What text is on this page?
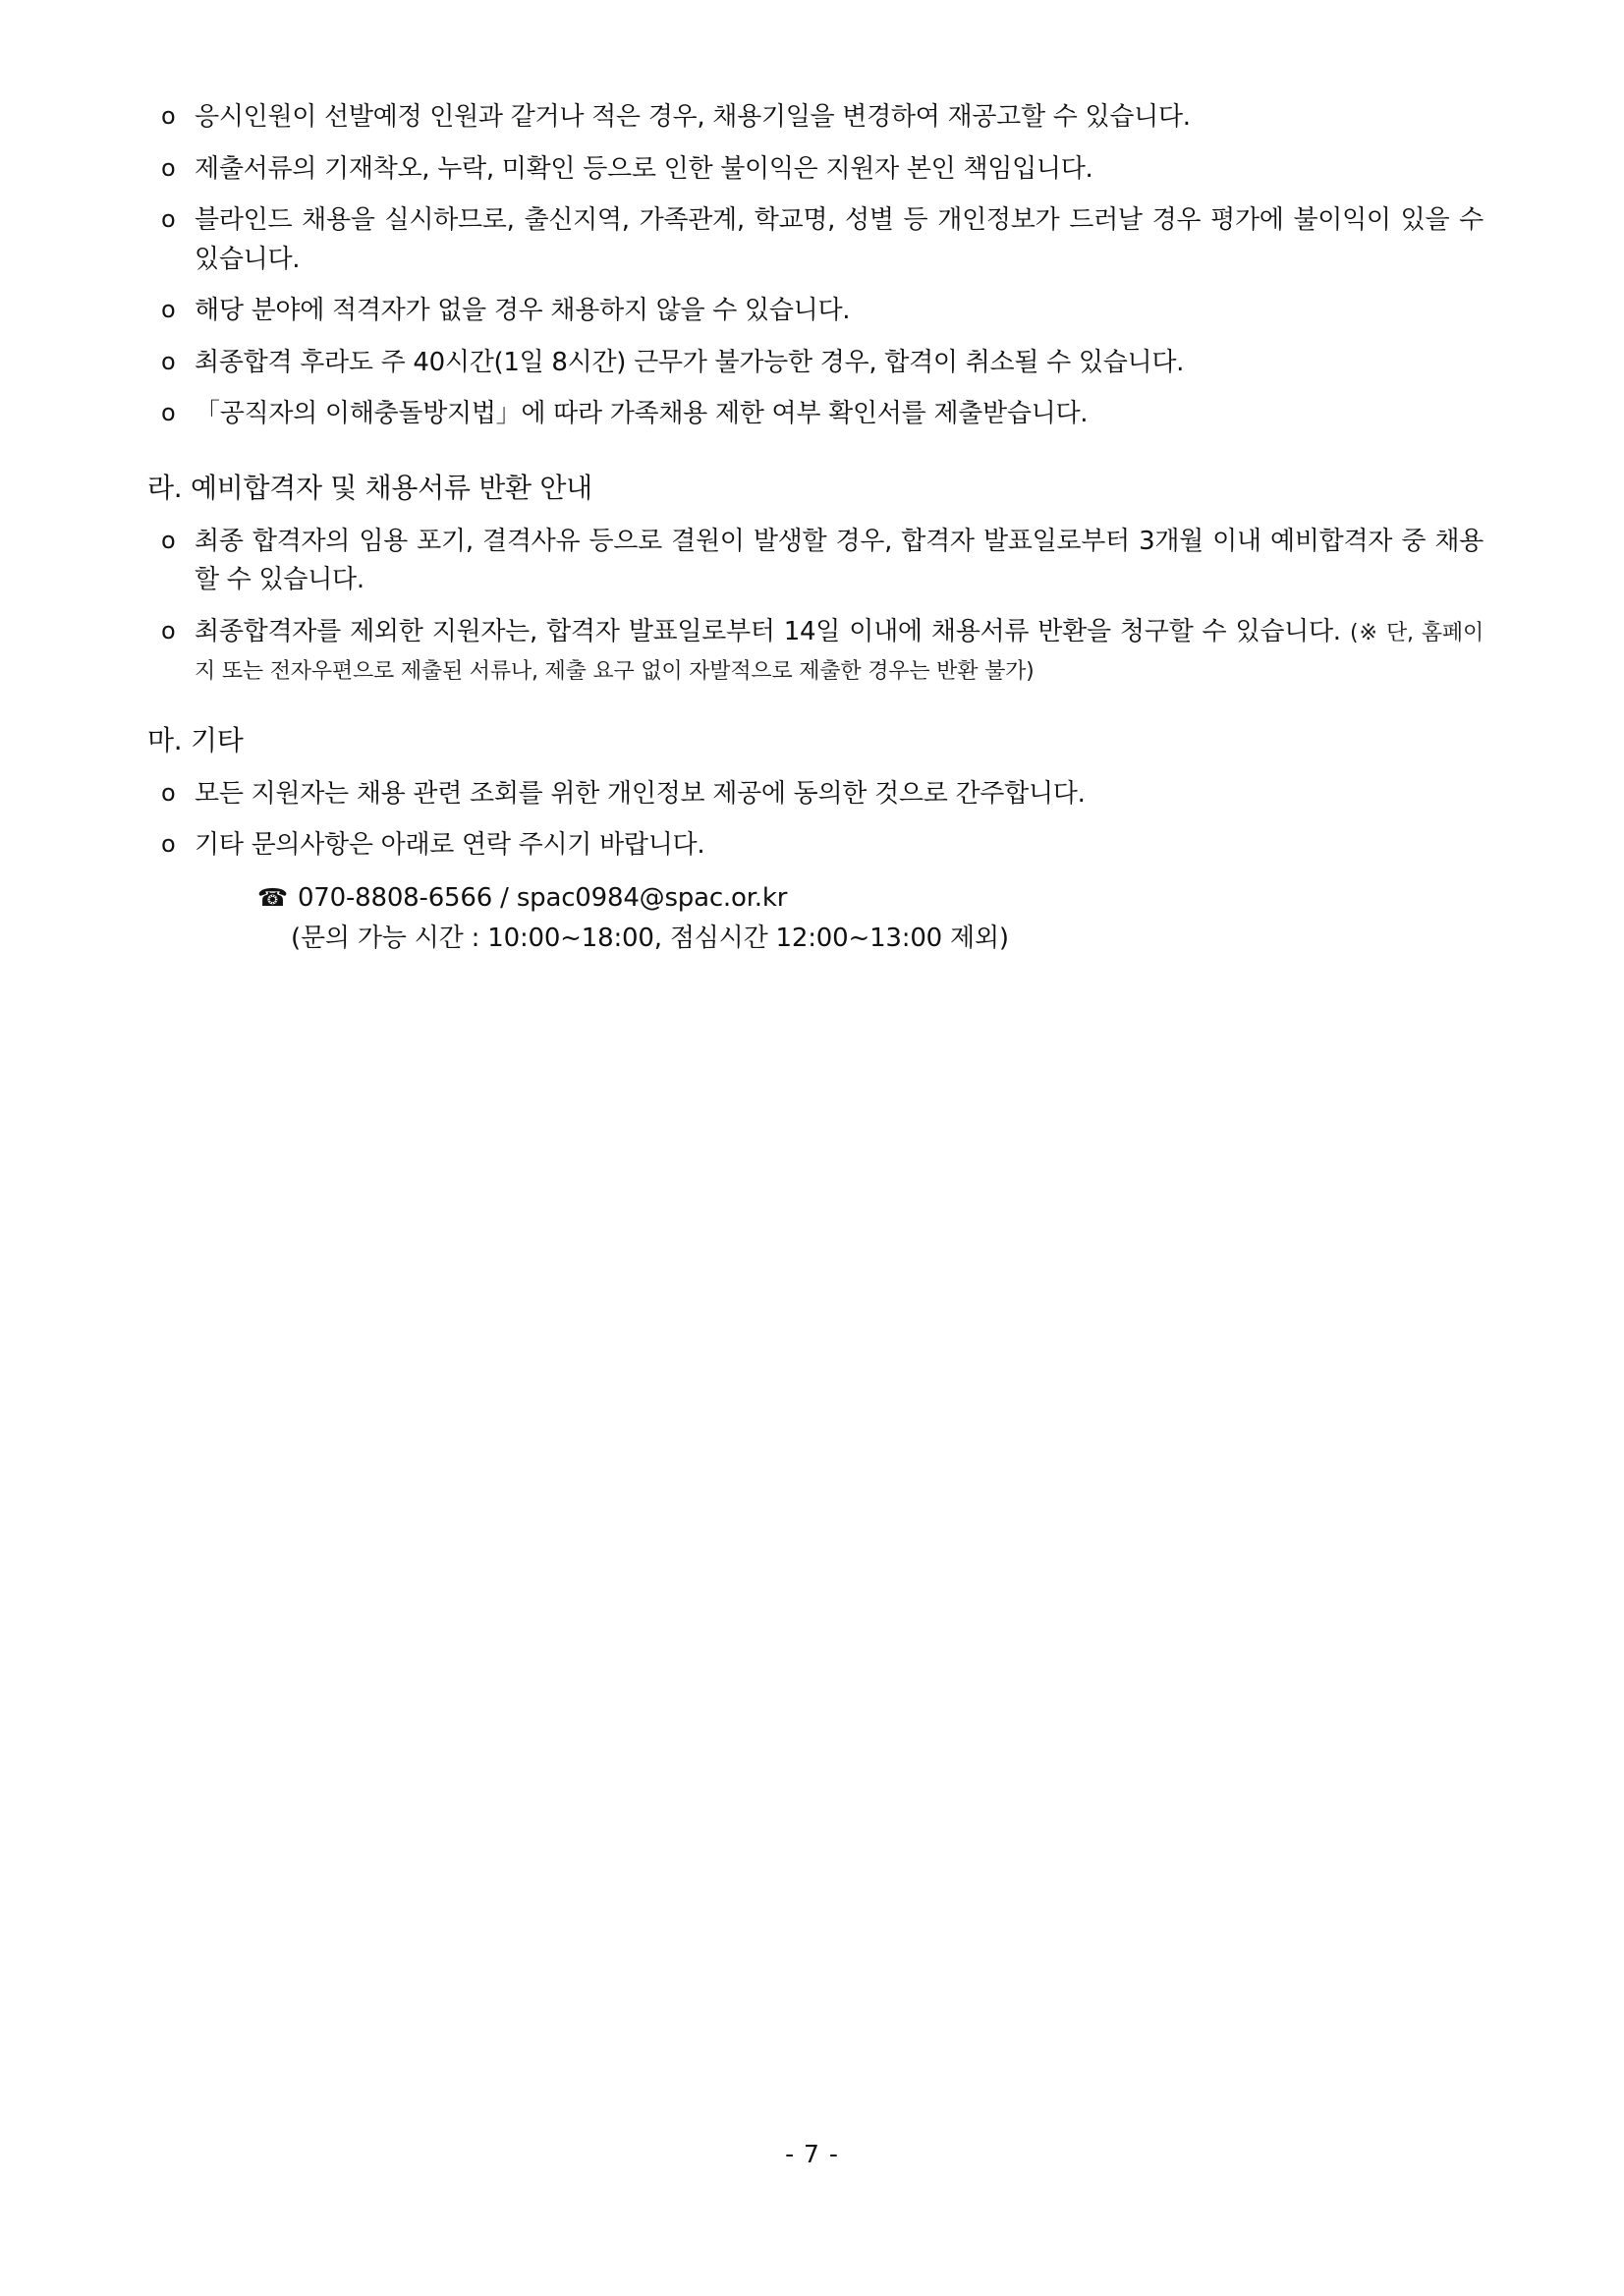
o 응시인원이 선발예정 인원과 같거나 적은 경우, 채용기일을 변경하여 재공고할 수 있습니다.
o 제출서류의 기재착오, 누락, 미확인 등으로 인한 불이익은 지원자 본인 책임입니다.
o 블라인드 채용을 실시하므로, 출신지역, 가족관계, 학교명, 성별 등 개인정보가 드러날 경우 평가에 불이익이 있을 수 있습니다.
o 해당 분야에 적격자가 없을 경우 채용하지 않을 수 있습니다.
o 최종합격 후라도 주 40시간(1일 8시간) 근무가 불가능한 경우, 합격이 취소될 수 있습니다.
o 「공직자의 이해충돌방지법」에 따라 가족채용 제한 여부 확인서를 제출받습니다.
라. 예비합격자 및 채용서류 반환 안내
o 최종 합격자의 임용 포기, 결격사유 등으로 결원이 발생할 경우, 합격자 발표일로부터 3개월 이내 예비합격자 중 채용할 수 있습니다.
o 최종합격자를 제외한 지원자는, 합격자 발표일로부터 14일 이내에 채용서류 반환을 청구할 수 있습니다. (※ 단, 홈페이지 또는 전자우편으로 제출된 서류나, 제출 요구 없이 자발적으로 제출한 경우는 반환 불가)
마. 기타
o 모든 지원자는 채용 관련 조회를 위한 개인정보 제공에 동의한 것으로 간주합니다.
o 기타 문의사항은 아래로 연락 주시기 바랍니다.
☎ 070-8808-6566 / spac0984@spac.or.kr
(문의 가능 시간 : 10:00~18:00, 점심시간 12:00~13:00 제외)
- 7 -
